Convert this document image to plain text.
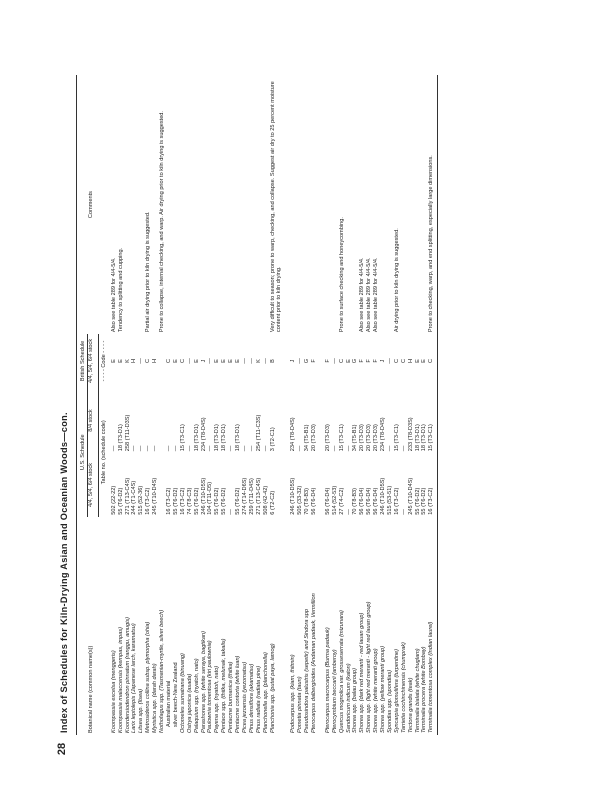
28
Index of Schedules for Kiln-Drying Asian and Oceanian Woods—con.	Botanical name (common name(s))	U.S. Schedule		British Schedule	Comments
	4/4, 5/4, 6/4 stock	8/4 stock	4/4, 5/4, 6/4 stock	
	Table no. (schedule code)		- - - - Code - - - -	
Koompassia excelsa (menggeris)	502 (22-22)	—	E	Also see table 289 for 4/4-5/4.
Koompassia malaccensis (kempas, impas)	55 (T6-D2)	18 (T3-D1)	E	Tendency to splitting and cupping.
Koordersiodendron pinnatum (ranggu, amugis)	271 (T13-C4S)	258 (T11-D3S)	K	
Larix leptolepis (Japanese larch, karamatsu)	244 (T1-C4S)	—	H	
Litsea spp. (Ilsea)	515 (52-36)	—	—	
Metrosideros collina subsp. plymorpha (ohia)	16 (T3-C2)	—	C	Partial air drying prior to kiln drying is suggested.
Myristica spp. (darah darah)	245 (T10-D4S)	—	H	
Nothofagus spp. (Tasmanian-myrtle, silver beech)				Prone to collapse, internal checking, and warp. Air drying prior to kiln drying is suggested.
Australian material	16 (T3-C2)	—	C	
silver beech-New Zealand	55 (T6-D2)	—	E	
Octomeles sumatrana (binuang)	16 (T3-C2)	15 (T3-C1)	C	
Ostrya japonica (asada)	74 (T8-C3)	—	—	
Palaquium spp. (nyatoh, nato)	55 (T6-D2)	18 (T3-D1)	E	
Parashorea spp. (white seraya, bagtikan)	246 (T10-D5S)	234 (T8-D4S)	J	
Paulownia tomentosa (kiri paulownia)	104 (T11-D5)	—	—	
Payena spp. (nyatoh, nato)	55 (T6-D2)	18 (T3-D1)	E	
Pentace spp. (thitka, melunak, takalis)	55 (T6-D2)	18 (T3-D1)	E	
Pentacme burmanica (thitka)	—	—	E	
Pentacme contorta (white luan)	55 (T6-D2)	18 (T3-D1)	E	
Picea jezoensis (yezomatsu)	274 (T14-D6S)	—	—	
Pinus densiflora (akamatsu)	259 (T11-D4S)	—	—	
Pinus radiata (radiata pine)	271 (T13-C4S)	254 (T11-C3S)	K	
Planchonella spp. (planchonella)	508 (42-42)	—	—	
Planchonia spp. (putat paya, lamog)	6 (T2-C2)	3 (T2-C1)	B	Very difficult to season; prone to warp, checking, and collapse. Suggest air dry to 25 percent moisture content prior to kiln drying.

Podocarpus spp. (kiam, thitmin)	246 (T10-D5S)	234 (T8-D4S)	J	
Pometia pinnata (taun)	505 (33-32)	—	—	
Pseudosindora palustris (sepetir) and Sindora spp	70 (T8-B3)	34 (T5-B1)	G	
Pterocarpus dalbergioides (Andaman padauk, Vermillion	56 (T6-D4)	20 (T3-D3)	F	

Pterocarpus macrocarpus (Burma padauk)	56 (T6-D4)	20 (T3-D3)	F	
Pterocymbium beccarii (amberoy)	514 (52-53)	—	—	
Quercus mognolica var. grosseserrata (mizunara)	27 (T4-C2)	15 (T3-C1)	C	Prone to surface checking and honeycombing.
Sandoricum indicum (katon)	—	—	E	
Shorea spp. (balau group)	70 (T8-B3)	34 (T5-B1)	G	
Shorea spp. (dark red meranti - red lauan group)	56 (T6-D4)	20 (T3-D3)	F	Also see table 289 for 4/4-5/4.
Shorea spp. (light red meranti - light red lauan group)	56 (T6-D4)	20 (T3-D3)	F	Also see table 289 for 4/4-5/4.
Shorea spp. (white meranti group)	56 (T6-D4)	20 (T3-D3)	F	Also see table 289 for 4/4-5/4.
Shorea spp. (yellow meranti group)	246 (T10-D5S)	234 (T8-D4S)	J	
Spondias spp. (spondias)	515 (53-51)	—	—	
Syncarpia glomulifera (turpentine)	16 (T3-C2)	15 (T3-C1)	C	Air drying prior to kiln drying is suggested.
Tarrietia cochinchinensis (chumprak)	—	—	C	
Tectona grandis (teak)	245 (T10-D4S)	233 (T8-D3S)	H	
Terminalia bialata (white chuglam)	55 (T6-D2)	18 (T3-D1)	E	
Terminalia procera (white Bombay)	55 (T6-D2)	18 (T3-D1)	E	
Terminalia tomentosa complex (Indian laurel)	16 (T3-C2)	15 (T3-C1)	C	Prone to checking, warp, and end splitting, especially large dimensions.
